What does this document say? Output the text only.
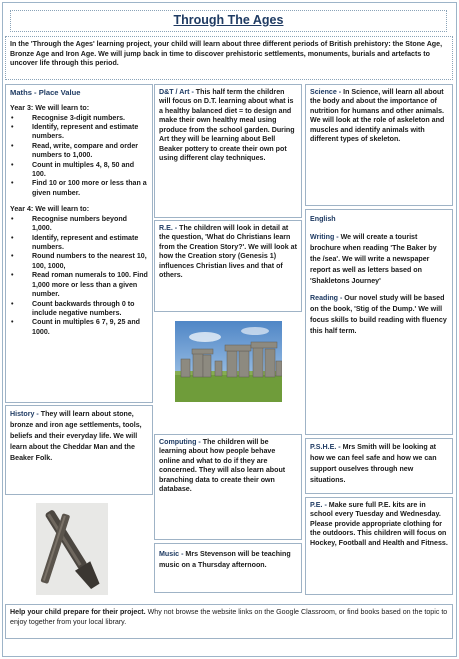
Through The Ages
In the 'Through the Ages' learning project, your child will learn about three different periods of British prehistory: the Stone Age, Bronze Age and Iron Age. We will jump back in time to discover prehistoric settlements, monuments, burials and artefacts to uncover life through this period.
Maths - Place Value
Year 3: We will learn to:
• Recognise 3-digit numbers.
• Identify, represent and estimate numbers.
• Read, write, compare and order numbers to 1,000.
• Count in multiples 4, 8, 50 and 100.
• Find 10 or 100 more or less than a given number.
Year 4: We will learn to:
• Recognise numbers beyond 1,000.
• Identify, represent and estimate numbers.
• Round numbers to the nearest 10, 100, 1000,
• Read roman numerals to 100. Find 1,000 more or less than a given number.
• Count backwards through 0 to include negative numbers.
• Count in multiples 6 7, 9, 25 and 1000.
D&T / Art - This half term the children will focus on D.T. learning about what is a healthy balanced diet = to design and make their own healthy meal using produce from the school garden. During Art they will be learning about Bell Beaker pottery to create their own pot using different clay techniques.
Science - In Science, will learn all about the body and about the importance of nutrition for humans and other animals. We will look at the role of askeleton and muscles and identify animals with different types of skeleton.
R.E. - The children will look in detail at the question, 'What do Christians learn from the Creation Story?'. We will look at how the Creation story (Genesis 1) influences Christian lives and that of others.
English
Writing - We will create a tourist brochure when reading 'The Baker by the /sea'. We will write a newspaper report as well as letters based on 'Shakletons Journey'
Reading - Our novel study will be based on the book, 'Stig of the Dump.' We will focus skills to build reading with fluency this half term.
History - They will learn about stone, bronze and iron age settlements, tools, beliefs and their everyday life. We will learn about the Cheddar Man and the Beaker Folk.
Computing - The children will be learning about how people behave online and what to do if they are concerned. They will also learn about branching data to create their own database.
P.S.H.E. - Mrs Smith will be looking at how we can feel safe and how we can support ouselves through new situations.
Music - Mrs Stevenson will be teaching music on a Thursday afternoon.
P.E. - Make sure full P.E. kits are in school every Tuesday and Wednesday. Please provide appropriate clothing for the outdoors. This children will focus on Hockey, Football and Health and Fitness.
Help your child prepare for their project. Why not browse the website links on the Google Classroom, or find books based on the topic to enjoy together from your local library.
